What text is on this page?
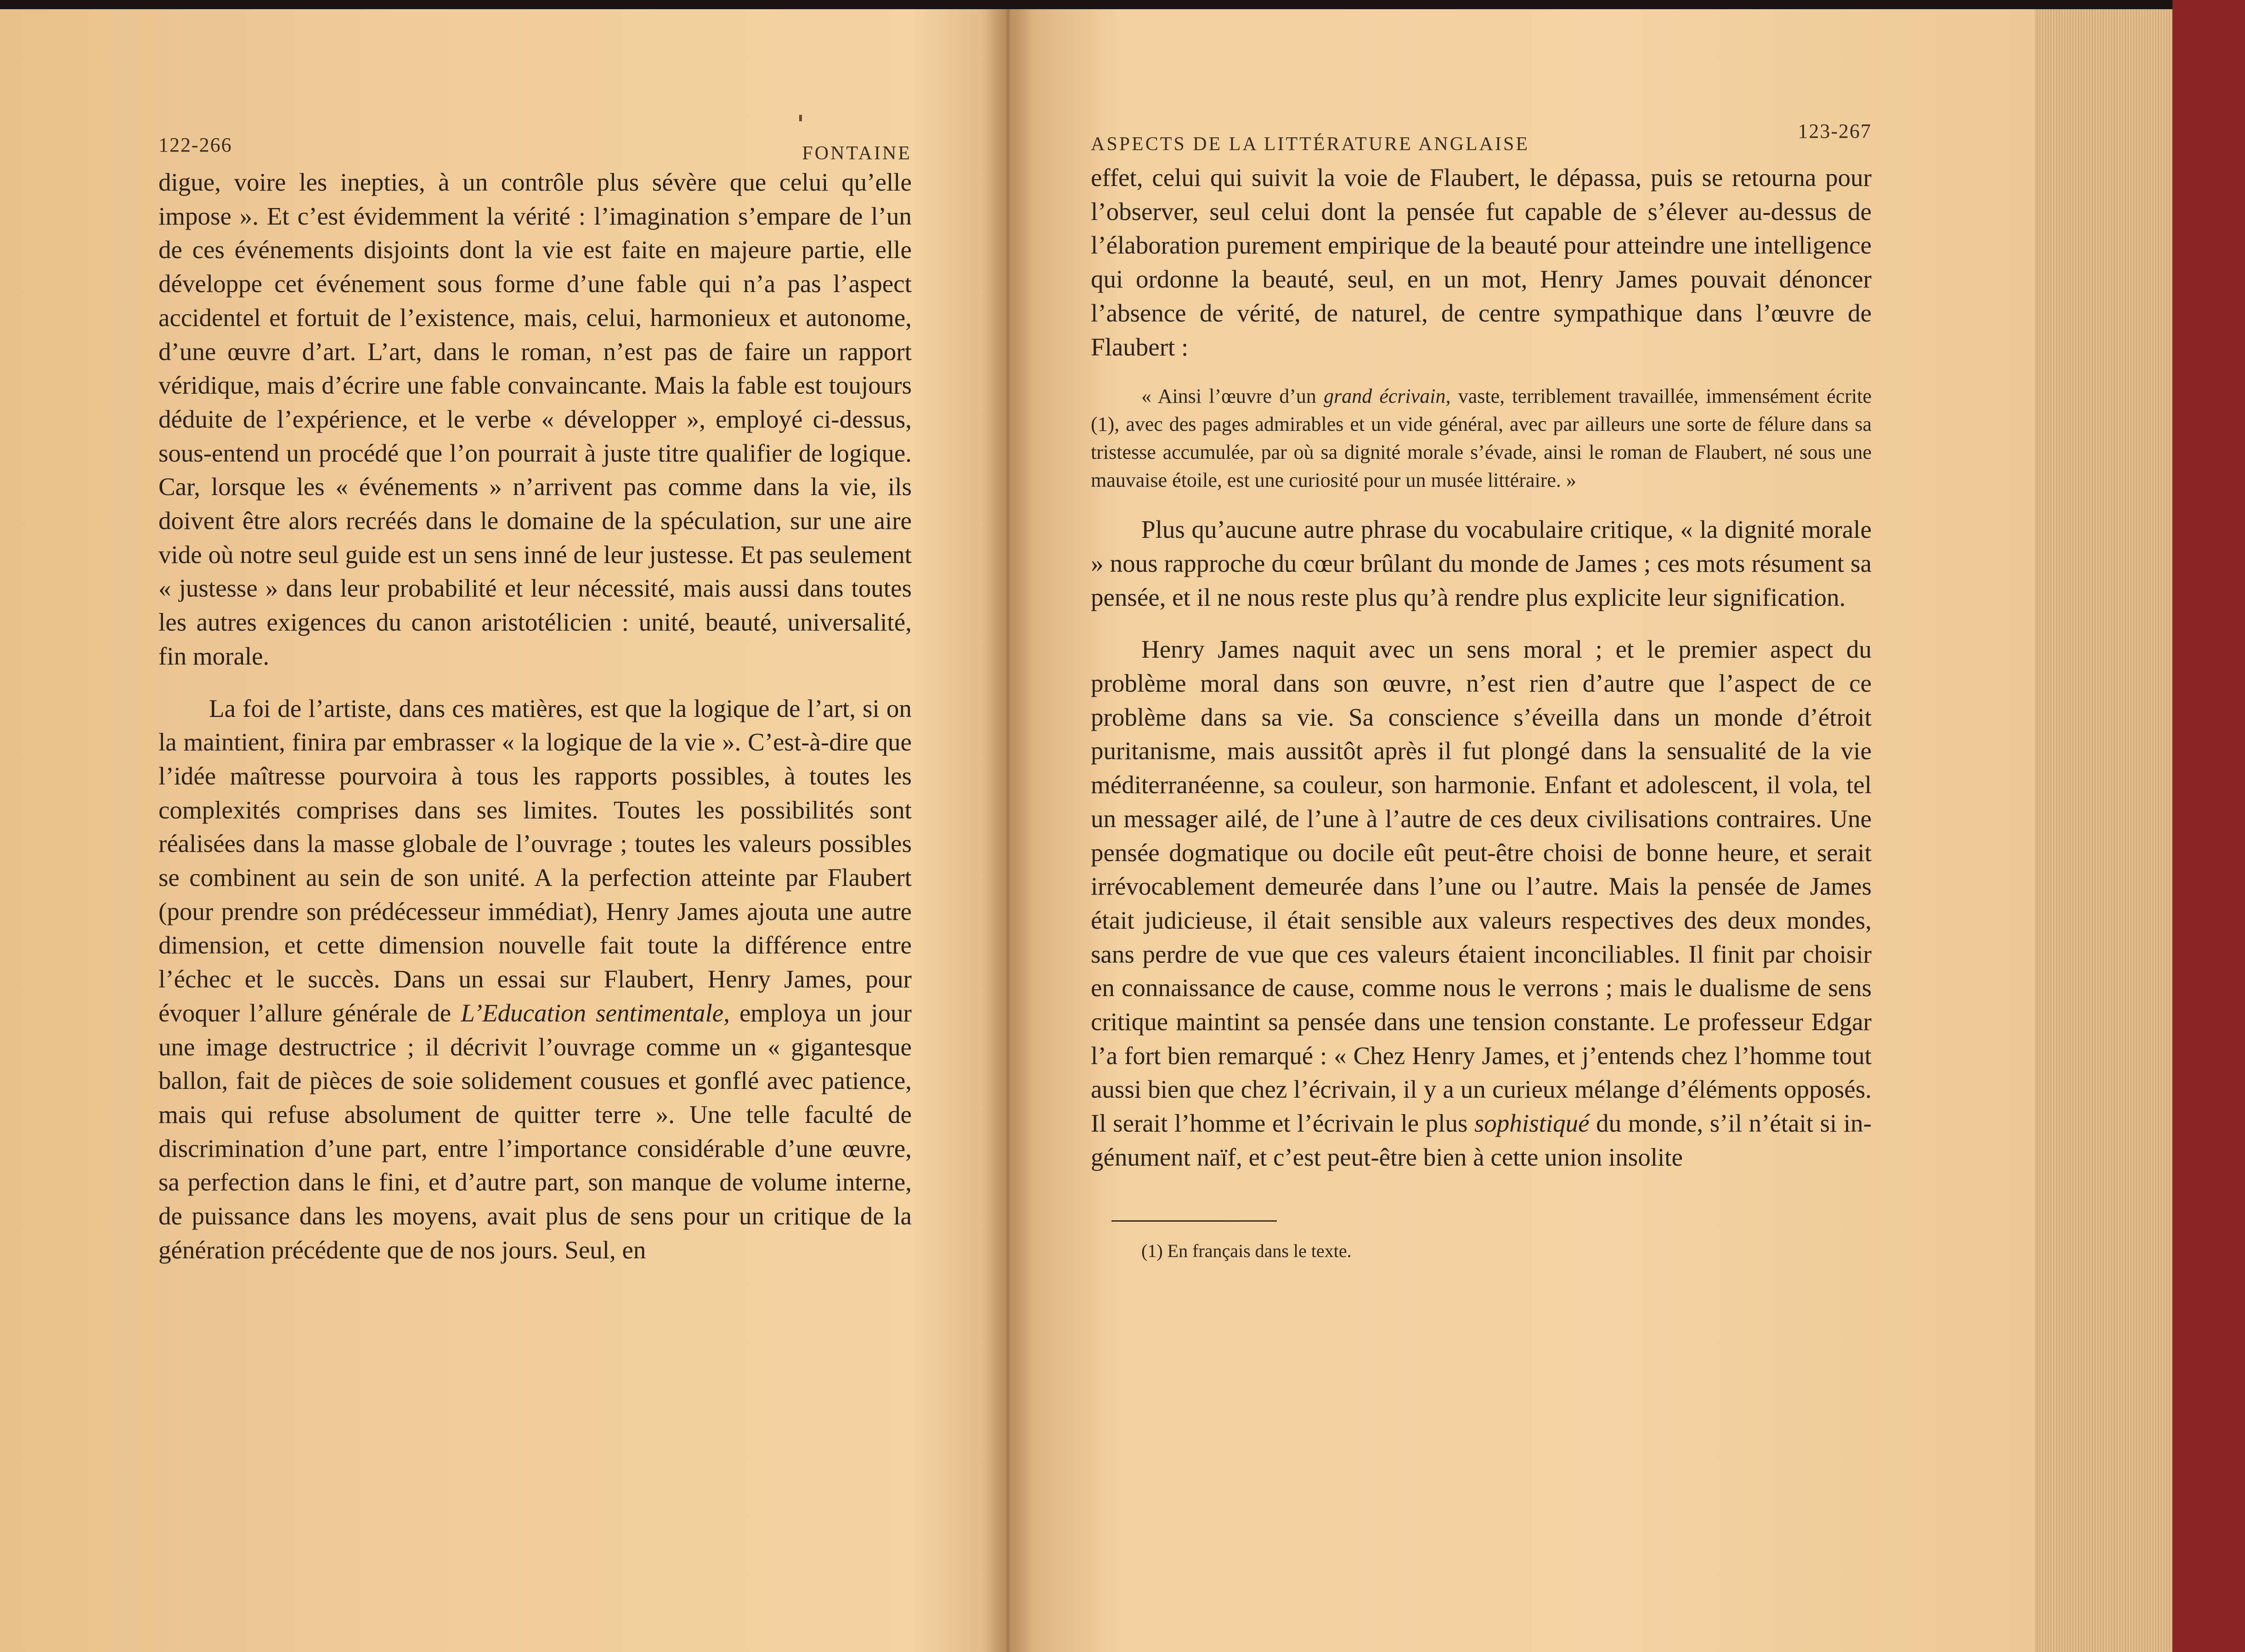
122-266	FONTAINE

digue, voire les inepties, à un contrôle plus sévère que celui qu’elle impose ». Et c’est évidemment la vérité : l’imagination s’empare de l’un de ces événements disjoints dont la vie est faite en majeure partie, elle développe cet événement sous forme d’une fable qui n’a pas l’aspect accidentel et fortuit de l’existence, mais, celui, harmonieux et autonome, d’une œuvre d’art. L’art, dans le roman, n’est pas de faire un rapport véridique, mais d’écrire une fable convaincante. Mais la fable est toujours déduite de l’expérience, et le verbe « développer », employé ci-dessus, sous-entend un procédé que l’on pourrait à juste titre qualifier de logique. Car, lorsque les « événements » n’arrivent pas comme dans la vie, ils doivent être alors recréés dans le domaine de la spéculation, sur une aire vide où notre seul guide est un sens inné de leur justesse. Et pas seulement « justesse » dans leur probabilité et leur nécessité, mais aussi dans toutes les autres exigences du canon aristotélicien : unité, beauté, universalité, fin morale.

La foi de l’artiste, dans ces matières, est que la logique de l’art, si on la maintient, finira par embrasser « la logique de la vie ». C’est-à-dire que l’idée maîtresse pourvoira à tous les rapports possibles, à toutes les complexités comprises dans ses limites. Toutes les possibilités sont réalisées dans la masse globale de l’ouvrage ; toutes les valeurs possibles se combinent au sein de son unité. A la perfection atteinte par Flaubert (pour prendre son prédécesseur immédiat), Henry James ajouta une autre dimension, et cette dimension nouvelle fait toute la différence entre l’échec et le succès. Dans un essai sur Flaubert, Henry James, pour évoquer l’allure générale de L’Education sentimentale, employa un jour une image destructrice ; il décrivit l’ouvrage comme un « gigantesque ballon, fait de pièces de soie solidement cousues et gonflé avec patience, mais qui refuse absolument de quitter terre ». Une telle faculté de discrimination d’une part, entre l’importance considérable d’une œuvre, sa perfection dans le fini, et d’autre part, son manque de volume interne, de puissance dans les moyens, avait plus de sens pour un critique de la génération précédente que de nos jours. Seul, en

ASPECTS DE LA LITTÉRATURE ANGLAISE
123-267

effet, celui qui suivit la voie de Flaubert, le dépassa, puis se retourna pour l’observer, seul celui dont la pensée fut capable de s’élever au-dessus de l’élaboration purement empirique de la beauté pour atteindre une intelligence qui ordonne la beauté, seul, en un mot, Henry James pouvait dénoncer l’absence de vérité, de naturel, de centre sympathique dans l’œuvre de Flaubert :

« Ainsi l’œuvre d’un grand écrivain, vaste, terriblement travaillée, immensément écrite (1), avec des pages admirables et un vide général, avec par ailleurs une sorte de félure dans sa tristesse accumulée, par où sa dignité morale s’évade, ainsi le roman de Flaubert, né sous une mauvaise étoile, est une curiosité pour un musée littéraire. »

Plus qu’aucune autre phrase du vocabulaire critique, « la dignité morale » nous rapproche du cœur brûlant du monde de James ; ces mots résument sa pensée, et il ne nous reste plus qu’à rendre plus explicite leur signification.

Henry James naquit avec un sens moral ; et le premier aspect du problème moral dans son œuvre, n’est rien d’autre que l’aspect de ce problème dans sa vie. Sa conscience s’éveilla dans un monde d’étroit puritanisme, mais aussitôt après il fut plongé dans la sensualité de la vie méditerranéenne, sa couleur, son harmonie. Enfant et adolescent, il vola, tel un messager ailé, de l’une à l’autre de ces deux civilisations contraires. Une pensée dogmatique ou docile eût peut-être choisi de bonne heure, et serait irrévocablement demeurée dans l’une ou l’autre. Mais la pensée de James était judicieuse, il était sensible aux valeurs respectives des deux mondes, sans perdre de vue que ces valeurs étaient inconciliables. Il finit par choisir en connaissance de cause, comme nous le verrons ; mais le dualisme de sens critique maintint sa pensée dans une tension constante. Le professeur Edgar l’a fort bien remarqué : « Chez Henry James, et j’entends chez l’homme tout aussi bien que chez l’écrivain, il y a un curieux mélange d’éléments opposés. Il serait l’homme et l’écrivain le plus sophistiqué du monde, s’il n’était si ingénument naïf, et c’est peut-être bien à cette union insolite

(1) En français dans le texte.
